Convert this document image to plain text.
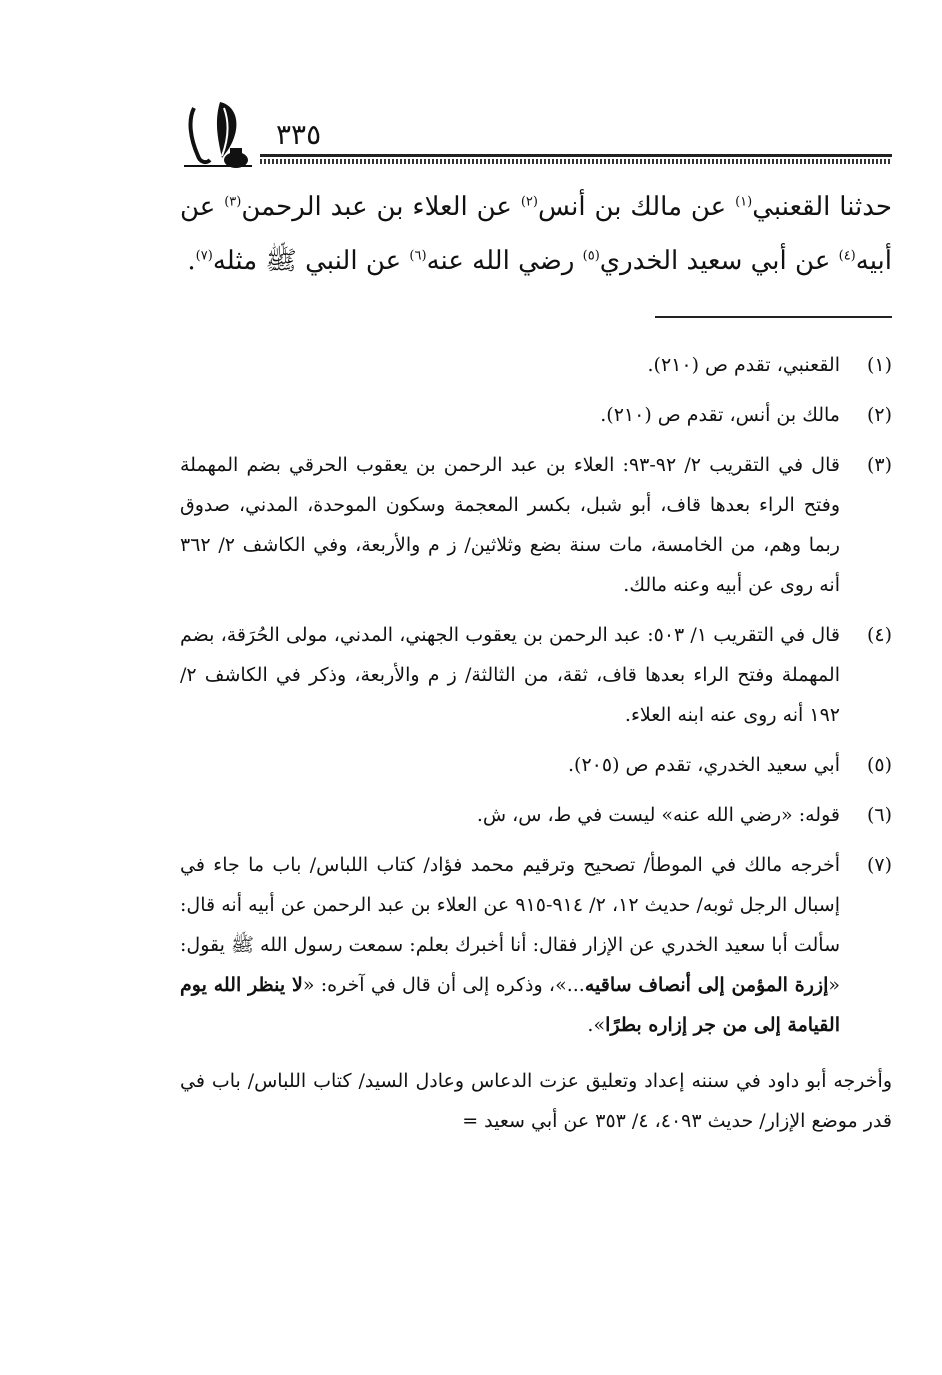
٣٣٥
حدثنا القعنبي$^{(١)}$ عن مالك بن أنس$^{(٢)}$ عن العلاء بن عبد الرحمن$^{(٣)}$ عن أبيه$^{(٤)}$ عن أبي سعيد الخدري$^{(٥)}$ رضي الله عنه$^{(٦)}$ عن النبي ﷺ مثله$^{(٧)}$.
(١)
القعنبي، تقدم ص (٢١٠).
(٢)
مالك بن أنس، تقدم ص (٢١٠).
(٣)
قال في التقريب ٢/ ٩٢-٩٣: العلاء بن عبد الرحمن بن يعقوب الحرقي بضم المهملة وفتح الراء بعدها قاف، أبو شبل، بكسر المعجمة وسكون الموحدة، المدني، صدوق ربما وهم، من الخامسة، مات سنة بضع وثلاثين/ ز م والأربعة، وفي الكاشف ٢/ ٣٦٢ أنه روى عن أبيه وعنه مالك.
(٤)
قال في التقريب ١/ ٥٠٣: عبد الرحمن بن يعقوب الجهني، المدني، مولى الحُرَقة، بضم المهملة وفتح الراء بعدها قاف، ثقة، من الثالثة/ ز م والأربعة، وذكر في الكاشف ٢/ ١٩٢ أنه روى عنه ابنه العلاء.
(٥)
أبي سعيد الخدري، تقدم ص (٢٠٥).
(٦)
قوله: «رضي الله عنه» ليست في ط، س، ش.
(٧)
أخرجه مالك في الموطأ/ تصحيح وترقيم محمد فؤاد/ كتاب اللباس/ باب ما جاء في إسبال الرجل ثوبه/ حديث ١٢، ٢/ ٩١٤-٩١٥ عن العلاء بن عبد الرحمن عن أبيه أنه قال: سألت أبا سعيد الخدري عن الإزار فقال: أنا أخبرك بعلم: سمعت رسول الله ﷺ يقول: «إزرة المؤمن إلى أنصاف ساقيه...»، وذكره إلى أن قال في آخره: «لا ينظر الله يوم القيامة إلى من جر إزاره بطرًا».
وأخرجه أبو داود في سننه إعداد وتعليق عزت الدعاس وعادل السيد/ كتاب اللباس/ باب في قدر موضع الإزار/ حديث ٤٠٩٣، ٤/ ٣٥٣ عن أبي سعيد =
